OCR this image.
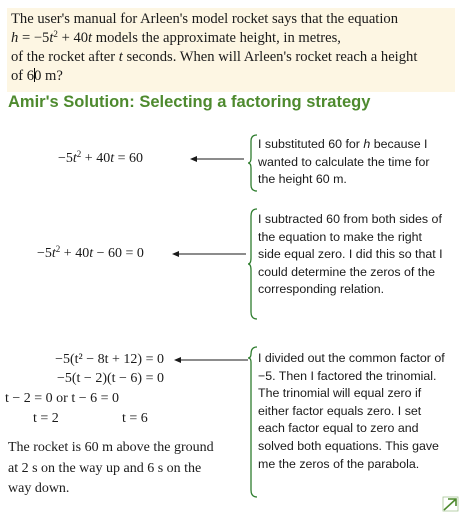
The user's manual for Arleen's model rocket says that the equation
$h = -5t^2 + 40t$ models the approximate height, in metres,
of the rocket after t seconds. When will Arleen's rocket reach a height
of 60 m?
Amir's Solution: Selecting a factoring strategy
$-5t^2 + 40t = 60$
I substituted 60 for h because I wanted to calculate the time for the height 60 m.
$-5t^2 + 40t - 60 = 0$
I subtracted 60 from both sides of the equation to make the right side equal zero. I did this so that I could determine the zeros of the corresponding relation.
−5(t² − 8t + 12) = 0
−5(t − 2)(t − 6) = 0
t − 2 = 0 or t − 6 = 0
t = 2	t = 6
I divided out the common factor of −5. Then I factored the trinomial. The trinomial will equal zero if either factor equals zero. I set each factor equal to zero and solved both equations. This gave me the zeros of the parabola.
The rocket is 60 m above the ground
at 2 s on the way up and 6 s on the
way down.
